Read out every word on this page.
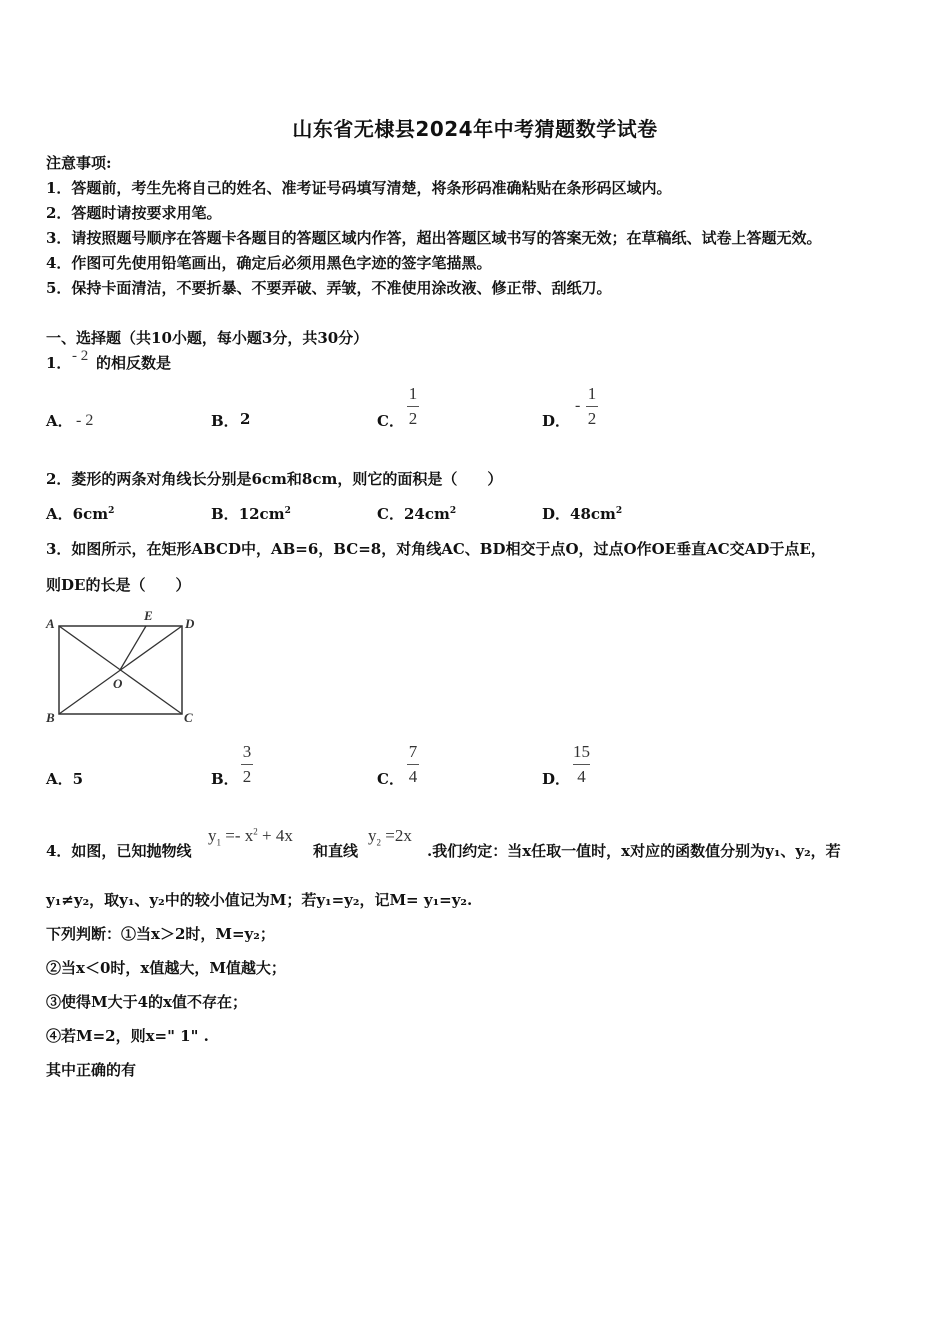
山东省无棣县2024年中考猜题数学试卷
注意事项:
1．答题前，考生先将自己的姓名、准考证号码填写清楚，将条形码准确粘贴在条形码区域内。
2．答题时请按要求用笔。
3．请按照题号顺序在答题卡各题目的答题区域内作答，超出答题区域书写的答案无效；在草稿纸、试卷上答题无效。
4．作图可先使用铅笔画出，确定后必须用黑色字迹的签字笔描黑。
5．保持卡面清洁，不要折暴、不要弄破、弄皱，不准使用涂改液、修正带、刮纸刀。
一、选择题（共10小题，每小题3分，共30分）
1． - 2 的相反数是
A． - 2	B． 2	C．
1
2	D．
-
1
2
2．菱形的两条对角线长分别是6cm和8cm，则它的面积是（　　）
A．$6cm^2$	B．$12cm^2$	C．$24cm^2$	D．$48cm^2$
3．如图所示，在矩形ABCD中，AB=6，BC=8，对角线AC、BD相交于点O，过点O作OE垂直AC交AD于点E，
则DE的长是（　　）
A
B	C
D
E
O
A．5	B．
3
2	C．
7
4	D．
15
4
4．如图，已知抛物线
$y_1 =- x^2 + 4x$
和直线
$y_2 =2x$
.我们约定：当x任取一值时，x对应的函数值分别为y₁、y₂，若
y₁≠y₂，取y₁、y₂中的较小值记为M；若y₁=y₂，记M= y₁=y₂.
下列判断：①当x＞2时，M=y₂；
②当x＜0时，x值越大，M值越大；
③使得M大于4的x值不存在；
④若M=2，则x=" 1" .
其中正确的有
